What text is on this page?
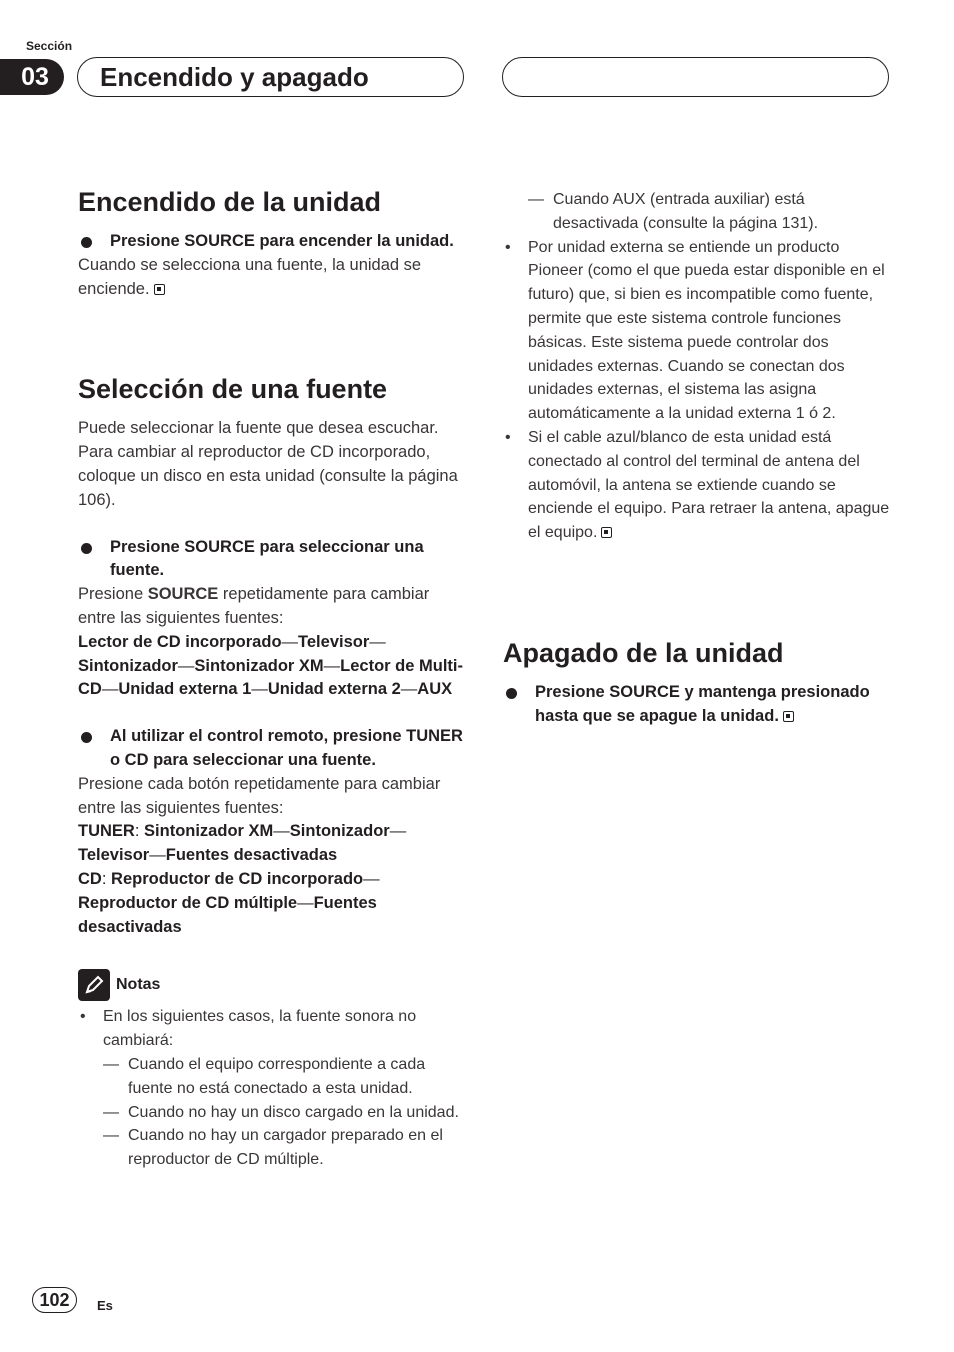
Sección
03	Encendido y apagado
Encendido de la unidad

Presione SOURCE para encender la unidad.

Cuando se selecciona una fuente, la unidad se enciende.

Selección de una fuente

Puede seleccionar la fuente que desea escuchar. Para cambiar al reproductor de CD incorporado, coloque un disco en esta unidad (consulte la página 106).

Presione SOURCE para seleccionar una fuente.

Presione SOURCE repetidamente para cambiar entre las siguientes fuentes:

Lector de CD incorporado—Televisor—Sintonizador—Sintonizador XM—Lector de Multi-CD—Unidad externa 1—Unidad externa 2—AUX

Al utilizar el control remoto, presione TUNER o CD para seleccionar una fuente.

Presione cada botón repetidamente para cambiar entre las siguientes fuentes:

TUNER: Sintonizador XM—Sintonizador—Televisor—Fuentes desactivadas

CD: Reproductor de CD incorporado—Reproductor de CD múltiple—Fuentes desactivadas

Notas

• En los siguientes casos, la fuente sonora no cambiará:

— Cuando el equipo correspondiente a cada fuente no está conectado a esta unidad.

— Cuando no hay un disco cargado en la unidad.

— Cuando no hay un cargador preparado en el reproductor de CD múltiple.

— Cuando AUX (entrada auxiliar) está desactivada (consulte la página 131).

• Por unidad externa se entiende un producto Pioneer (como el que pueda estar disponible en el futuro) que, si bien es incompatible como fuente, permite que este sistema controle funciones básicas. Este sistema puede controlar dos unidades externas. Cuando se conectan dos unidades externas, el sistema las asigna automáticamente a la unidad externa 1 ó 2.

• Si el cable azul/blanco de esta unidad está conectado al control del terminal de antena del automóvil, la antena se extiende cuando se enciende el equipo. Para retraer la antena, apague el equipo.

Apagado de la unidad

Presione SOURCE y mantenga presionado hasta que se apague la unidad.

102	Es
